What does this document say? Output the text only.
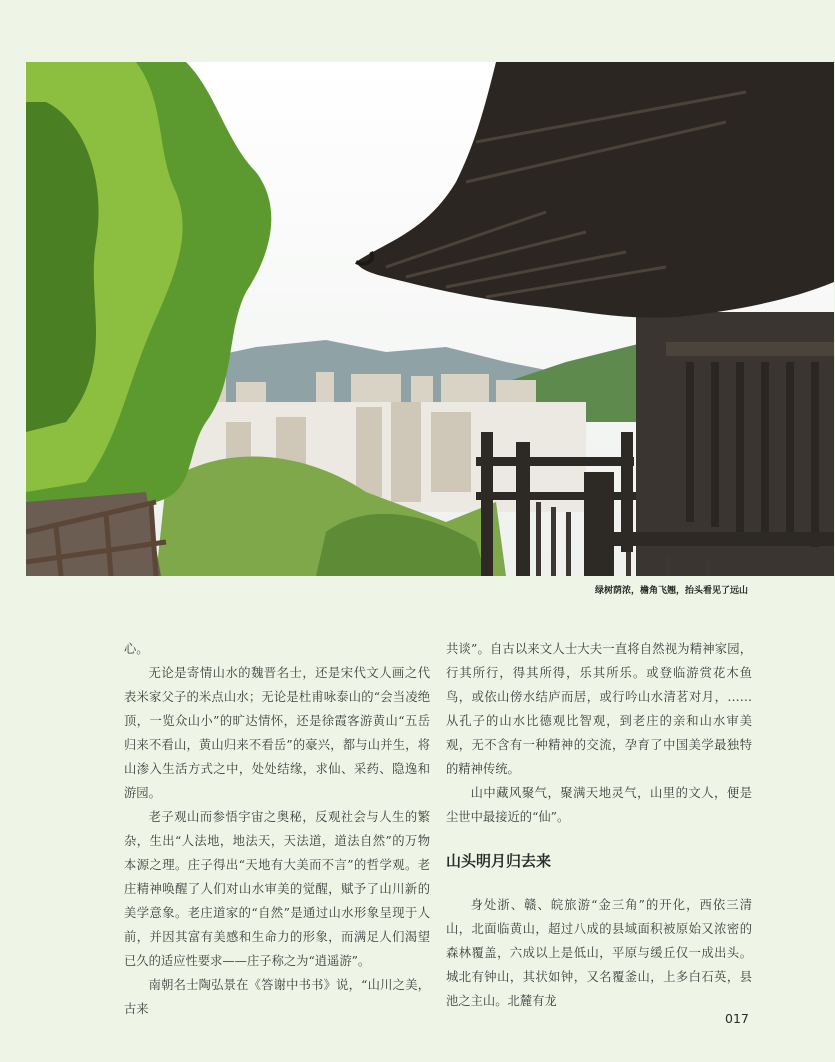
绿树荫浓，檐角飞翘，抬头看见了远山

心。

无论是寄情山水的魏晋名士，还是宋代文人画之代表米家父子的米点山水；无论是杜甫咏泰山的“会当凌绝顶，一览众山小”的旷达情怀，还是徐霞客游黄山“五岳归来不看山，黄山归来不看岳”的豪兴，都与山并生，将山渗入生活方式之中，处处结缘，求仙、采药、隐逸和游园。

老子观山而参悟宇宙之奥秘，反观社会与人生的繁杂，生出“人法地，地法天，天法道，道法自然”的万物本源之理。庄子得出“天地有大美而不言”的哲学观。老庄精神唤醒了人们对山水审美的觉醒，赋予了山川新的美学意象。老庄道家的“自然”是通过山水形象呈现于人前，并因其富有美感和生命力的形象，而满足人们渴望已久的适应性要求——庄子称之为“逍遥游”。

南朝名士陶弘景在《答谢中书书》说，“山川之美，古来

共谈”。自古以来文人士大夫一直将自然视为精神家园，行其所行，得其所得，乐其所乐。或登临游赏花木鱼鸟，或依山傍水结庐而居，或行吟山水清茗对月，……从孔子的山水比德观比智观，到老庄的亲和山水审美观，无不含有一种精神的交流，孕育了中国美学最独特的精神传统。

山中藏风聚气，聚满天地灵气，山里的文人，便是尘世中最接近的“仙”。

山头明月归去来

身处浙、赣、皖旅游“金三角”的开化，西依三清山，北面临黄山，超过八成的县域面积被原始又浓密的森林覆盖，六成以上是低山，平原与缓丘仅一成出头。城北有钟山，其状如钟，又名覆釜山，上多白石英，县池之主山。北麓有龙

017
